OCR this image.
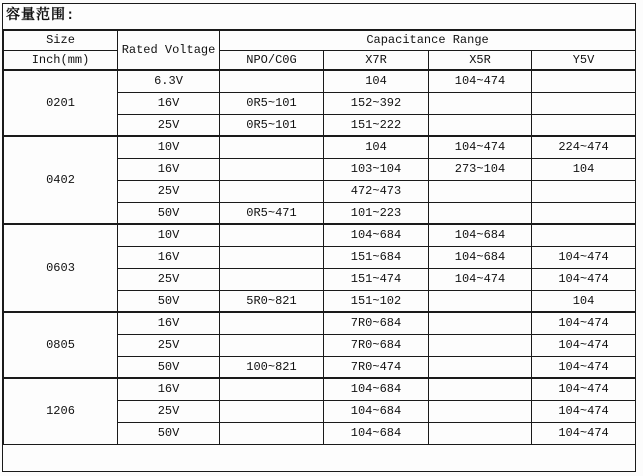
容量范围:
Size	Rated Voltage	Capacitance Range			
Inch(mm)		NPO/C0G	X7R	X5R	Y5V
0201	6.3V		104	104~474	
	16V	0R5~101	152~392		
	25V	0R5~101	151~222		
0402	10V		104	104~474	224~474
	16V		103~104	273~104	104
	25V		472~473		
	50V	0R5~471	101~223		
0603	10V		104~684	104~684	
	16V		151~684	104~684	104~474
	25V		151~474	104~474	104~474
	50V	5R0~821	151~102		104
0805	16V		7R0~684		104~474
	25V		7R0~684		104~474
	50V	100~821	7R0~474		104~474
1206	16V		104~684		104~474
	25V		104~684		104~474
	50V		104~684		104~474
